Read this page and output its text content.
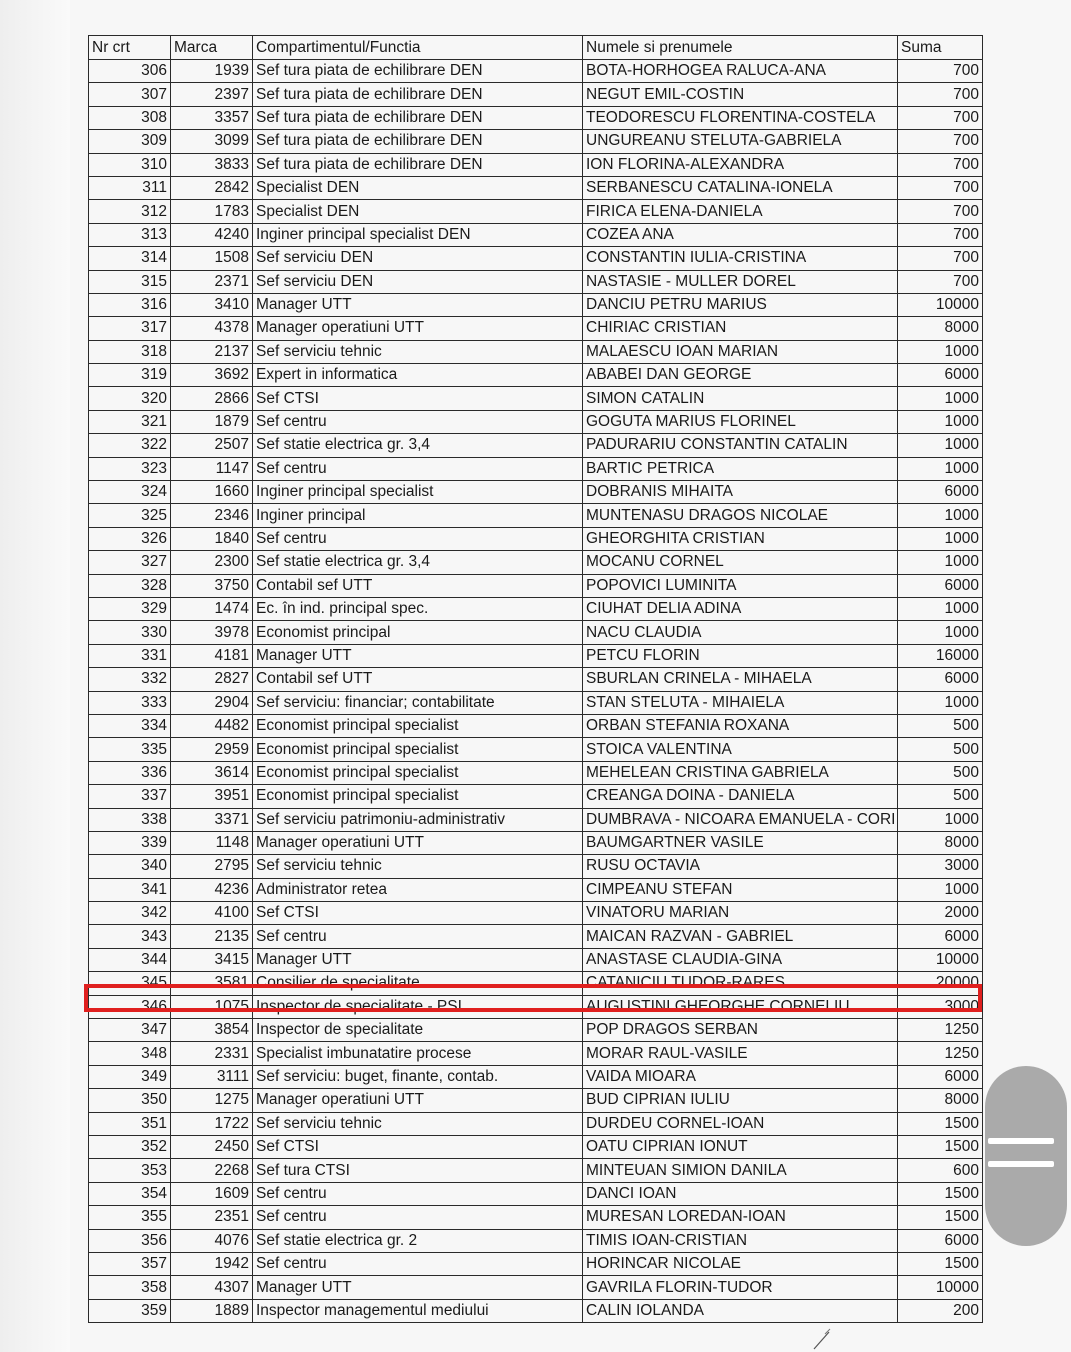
Nr crt	Marca	Compartimentul/Functia	Numele si prenumele	Suma
306	1939	Sef tura piata de echilibrare DEN	BOTA-HORHOGEA RALUCA-ANA	700
307	2397	Sef tura piata de echilibrare DEN	NEGUT EMIL-COSTIN	700
308	3357	Sef tura piata de echilibrare DEN	TEODORESCU FLORENTINA-COSTELA	700
309	3099	Sef tura piata de echilibrare DEN	UNGUREANU STELUTA-GABRIELA	700
310	3833	Sef tura piata de echilibrare DEN	ION FLORINA-ALEXANDRA	700
311	2842	Specialist DEN	SERBANESCU CATALINA-IONELA	700
312	1783	Specialist DEN	FIRICA ELENA-DANIELA	700
313	4240	Inginer principal specialist DEN	COZEA ANA	700
314	1508	Sef serviciu DEN	CONSTANTIN IULIA-CRISTINA	700
315	2371	Sef serviciu DEN	NASTASIE - MULLER DOREL	700
316	3410	Manager UTT	DANCIU PETRU MARIUS	10000
317	4378	Manager operatiuni UTT	CHIRIAC CRISTIAN	8000
318	2137	Sef serviciu tehnic	MALAESCU IOAN MARIAN	1000
319	3692	Expert in informatica	ABABEI DAN GEORGE	6000
320	2866	Sef CTSI	SIMON CATALIN	1000
321	1879	Sef centru	GOGUTA MARIUS FLORINEL	1000
322	2507	Sef statie electrica gr. 3,4	PADURARIU CONSTANTIN CATALIN	1000
323	1147	Sef centru	BARTIC PETRICA	1000
324	1660	Inginer principal specialist	DOBRANIS MIHAITA	6000
325	2346	Inginer principal	MUNTENASU DRAGOS NICOLAE	1000
326	1840	Sef centru	GHEORGHITA CRISTIAN	1000
327	2300	Sef statie electrica gr. 3,4	MOCANU CORNEL	1000
328	3750	Contabil sef UTT	POPOVICI LUMINITA	6000
329	1474	Ec. în ind. principal spec.	CIUHAT DELIA ADINA	1000
330	3978	Economist principal	NACU CLAUDIA	1000
331	4181	Manager UTT	PETCU FLORIN	16000
332	2827	Contabil sef UTT	SBURLAN CRINELA - MIHAELA	6000
333	2904	Sef serviciu: financiar; contabilitate	STAN STELUTA - MIHAIELA	1000
334	4482	Economist principal specialist	ORBAN STEFANIA ROXANA	500
335	2959	Economist principal specialist	STOICA VALENTINA	500
336	3614	Economist principal specialist	MEHELEAN CRISTINA GABRIELA	500
337	3951	Economist principal specialist	CREANGA DOINA - DANIELA	500
338	3371	Sef serviciu patrimoniu-administrativ	DUMBRAVA - NICOARA EMANUELA - CORI	1000
339	1148	Manager operatiuni UTT	BAUMGARTNER VASILE	8000
340	2795	Sef serviciu tehnic	RUSU OCTAVIA	3000
341	4236	Administrator retea	CIMPEANU STEFAN	1000
342	4100	Sef CTSI	VINATORU MARIAN	2000
343	2135	Sef centru	MAICAN RAZVAN - GABRIEL	6000
344	3415	Manager UTT	ANASTASE CLAUDIA-GINA	10000
345	3581	Consilier de specialitate	CATANICIU TUDOR-RARES	20000
346	1075	Inspector de specialitate - PSI	AUGUSTINI GHEORGHE CORNELIU	3000
347	3854	Inspector de specialitate	POP DRAGOS SERBAN	1250
348	2331	Specialist imbunatatire procese	MORAR RAUL-VASILE	1250
349	3111	Sef serviciu: buget, finante, contab.	VAIDA MIOARA	6000
350	1275	Manager operatiuni UTT	BUD CIPRIAN IULIU	8000
351	1722	Sef serviciu tehnic	DURDEU CORNEL-IOAN	1500
352	2450	Sef CTSI	OATU CIPRIAN IONUT	1500
353	2268	Sef tura CTSI	MINTEUAN SIMION DANILA	600
354	1609	Sef centru	DANCI IOAN	1500
355	2351	Sef centru	MURESAN LOREDAN-IOAN	1500
356	4076	Sef statie electrica gr. 2	TIMIS IOAN-CRISTIAN	6000
357	1942	Sef centru	HORINCAR NICOLAE	1500
358	4307	Manager UTT	GAVRILA FLORIN-TUDOR	10000
359	1889	Inspector managementul mediului	CALIN IOLANDA	200
